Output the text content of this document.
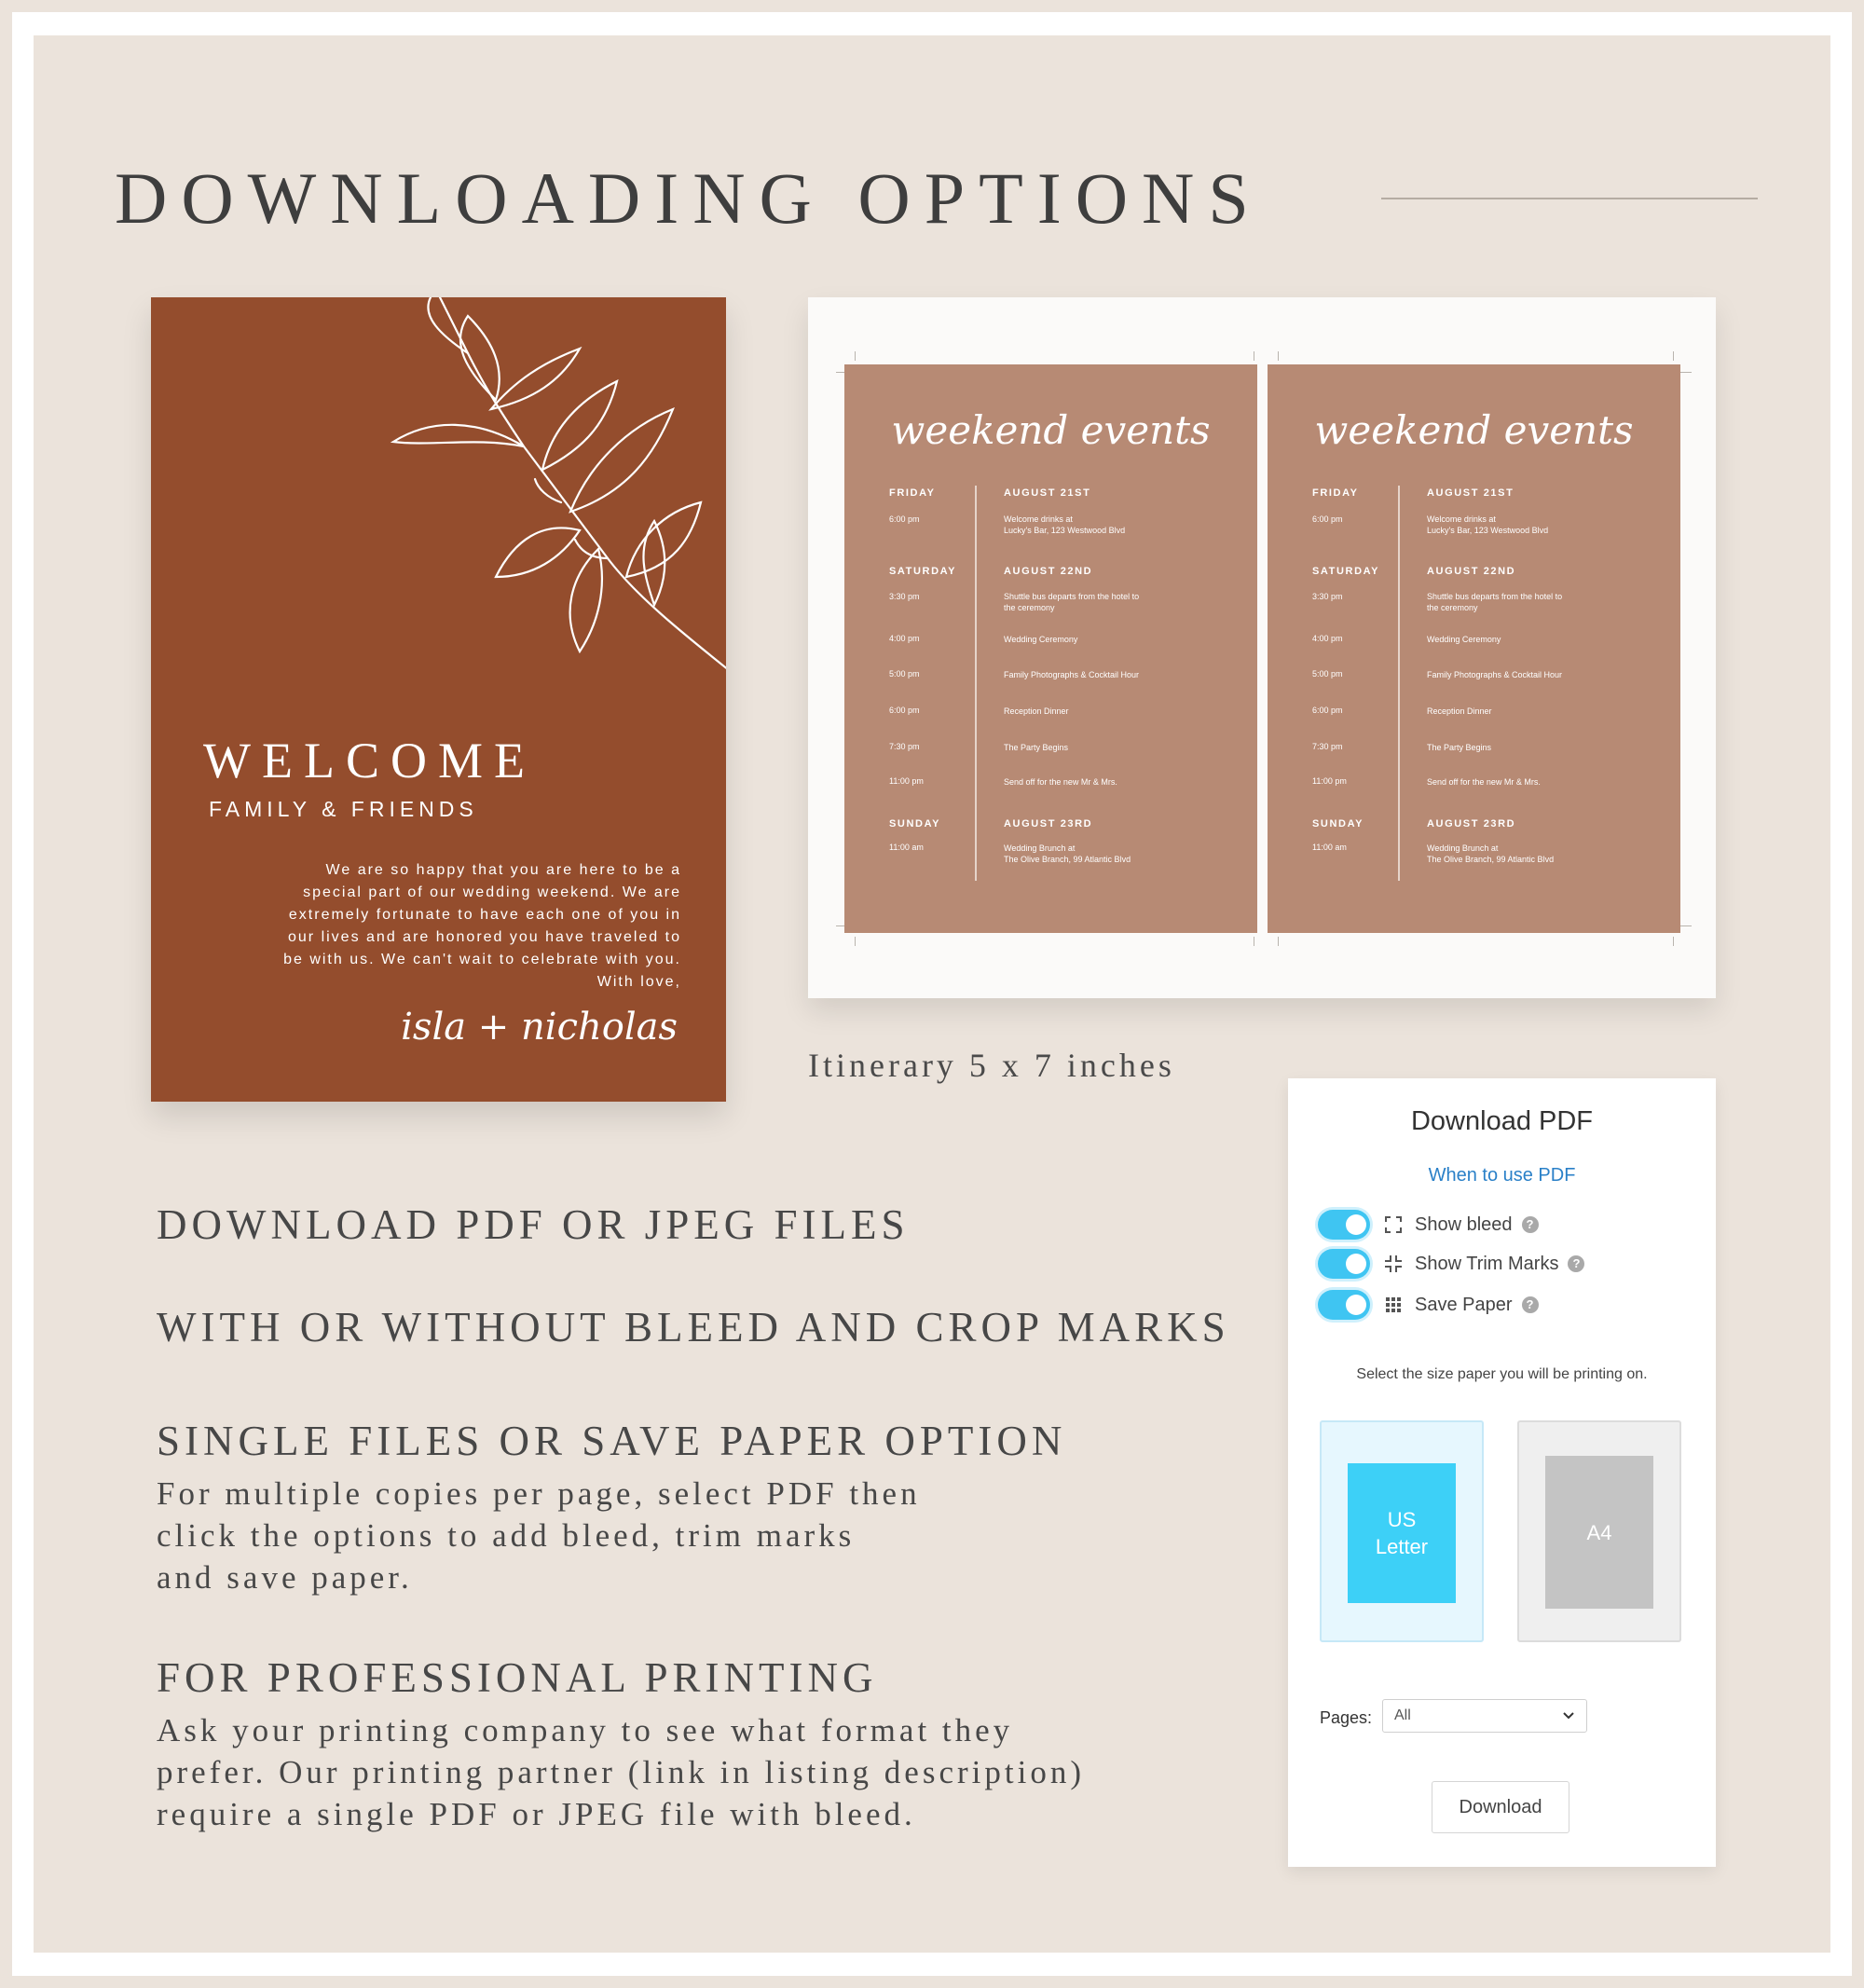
DOWNLOADING OPTIONS
WELCOME
FAMILY & FRIENDS
We are so happy that you are here to be a
special part of our wedding weekend. We are
extremely fortunate to have each one of you in
our lives and are honored you have traveled to
be with us. We can't wait to celebrate with you.
With love,
isla + nicholas
weekend events
FRIDAY	AUGUST 21ST
6:00 pm	Welcome drinks at
Lucky's Bar, 123 Westwood Blvd
SATURDAY	AUGUST 22ND
3:30 pm	Shuttle bus departs from the hotel to
the ceremony
4:00 pm	Wedding Ceremony
5:00 pm	Family Photographs & Cocktail Hour
6:00 pm	Reception Dinner
7:30 pm	The Party Begins
11:00 pm	Send off for the new Mr & Mrs.
SUNDAY	AUGUST 23RD
11:00 am	Wedding Brunch at
The Olive Branch, 99 Atlantic Blvd
weekend events
FRIDAY	AUGUST 21ST
6:00 pm	Welcome drinks at
Lucky's Bar, 123 Westwood Blvd
SATURDAY	AUGUST 22ND
3:30 pm	Shuttle bus departs from the hotel to
the ceremony
4:00 pm	Wedding Ceremony
5:00 pm	Family Photographs & Cocktail Hour
6:00 pm	Reception Dinner
7:30 pm	The Party Begins
11:00 pm	Send off for the new Mr & Mrs.
SUNDAY	AUGUST 23RD
11:00 am	Wedding Brunch at
The Olive Branch, 99 Atlantic Blvd
Itinerary 5 x 7 inches
DOWNLOAD PDF OR JPEG FILES
WITH OR WITHOUT BLEED AND CROP MARKS
SINGLE FILES OR SAVE PAPER OPTION
For multiple copies per page, select PDF then
click the options to add bleed, trim marks
and save paper.
FOR PROFESSIONAL PRINTING
Ask your printing company to see what format they
prefer. Our printing partner (link in listing description)
require a single PDF or JPEG file with bleed.
Download PDF
When to use PDF
Show bleed	?
Show Trim Marks	?
Save Paper	?
Select the size paper you will be printing on.
US
Letter
A4
Pages: All
Download
